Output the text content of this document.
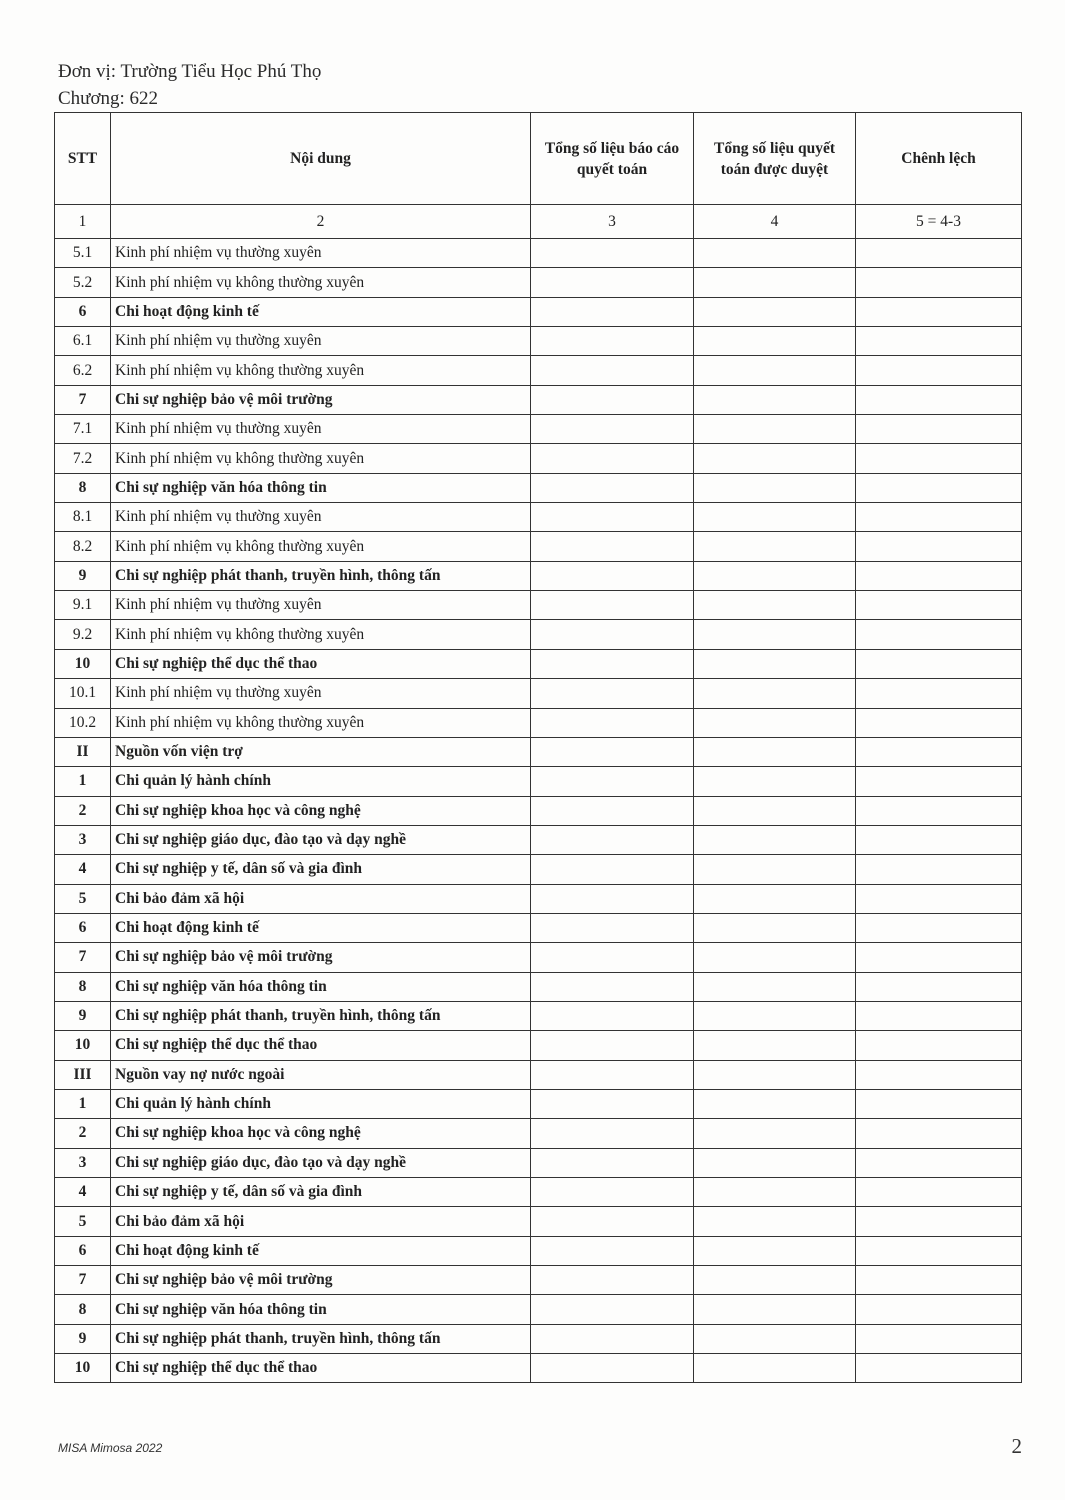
Đơn vị: Trường Tiểu Học Phú Thọ
Chương: 622
STT	Nội dung	Tổng số liệu báo cáo quyết toán	Tổng số liệu quyết toán được duyệt	Chênh lệch
1	2	3	4	5 = 4-3
5.1	Kinh phí nhiệm vụ thường xuyên			
5.2	Kinh phí nhiệm vụ không thường xuyên			
6	Chi hoạt động kinh tế			
6.1	Kinh phí nhiệm vụ thường xuyên			
6.2	Kinh phí nhiệm vụ không thường xuyên			
7	Chi sự nghiệp bảo vệ môi trường			
7.1	Kinh phí nhiệm vụ thường xuyên			
7.2	Kinh phí nhiệm vụ không thường xuyên			
8	Chi sự nghiệp văn hóa thông tin			
8.1	Kinh phí nhiệm vụ thường xuyên			
8.2	Kinh phí nhiệm vụ không thường xuyên			
9	Chi sự nghiệp phát thanh, truyền hình, thông tấn			
9.1	Kinh phí nhiệm vụ thường xuyên			
9.2	Kinh phí nhiệm vụ không thường xuyên			
10	Chi sự nghiệp thể dục thể thao			
10.1	Kinh phí nhiệm vụ thường xuyên			
10.2	Kinh phí nhiệm vụ không thường xuyên			
II	Nguồn vốn viện trợ			
1	Chi quản lý hành chính			
2	Chi sự nghiệp khoa học và công nghệ			
3	Chi sự nghiệp giáo dục, đào tạo và dạy nghề			
4	Chi sự nghiệp y tế, dân số và gia đình			
5	Chi bảo đảm xã hội			
6	Chi hoạt động kinh tế			
7	Chi sự nghiệp bảo vệ môi trường			
8	Chi sự nghiệp văn hóa thông tin			
9	Chi sự nghiệp phát thanh, truyền hình, thông tấn			
10	Chi sự nghiệp thể dục thể thao			
III	Nguồn vay nợ nước ngoài			
1	Chi quản lý hành chính			
2	Chi sự nghiệp khoa học và công nghệ			
3	Chi sự nghiệp giáo dục, đào tạo và dạy nghề			
4	Chi sự nghiệp y tế, dân số và gia đình			
5	Chi bảo đảm xã hội			
6	Chi hoạt động kinh tế			
7	Chi sự nghiệp bảo vệ môi trường			
8	Chi sự nghiệp văn hóa thông tin			
9	Chi sự nghiệp phát thanh, truyền hình, thông tấn			
10	Chi sự nghiệp thể dục thể thao			
MISA Mimosa 2022	2
